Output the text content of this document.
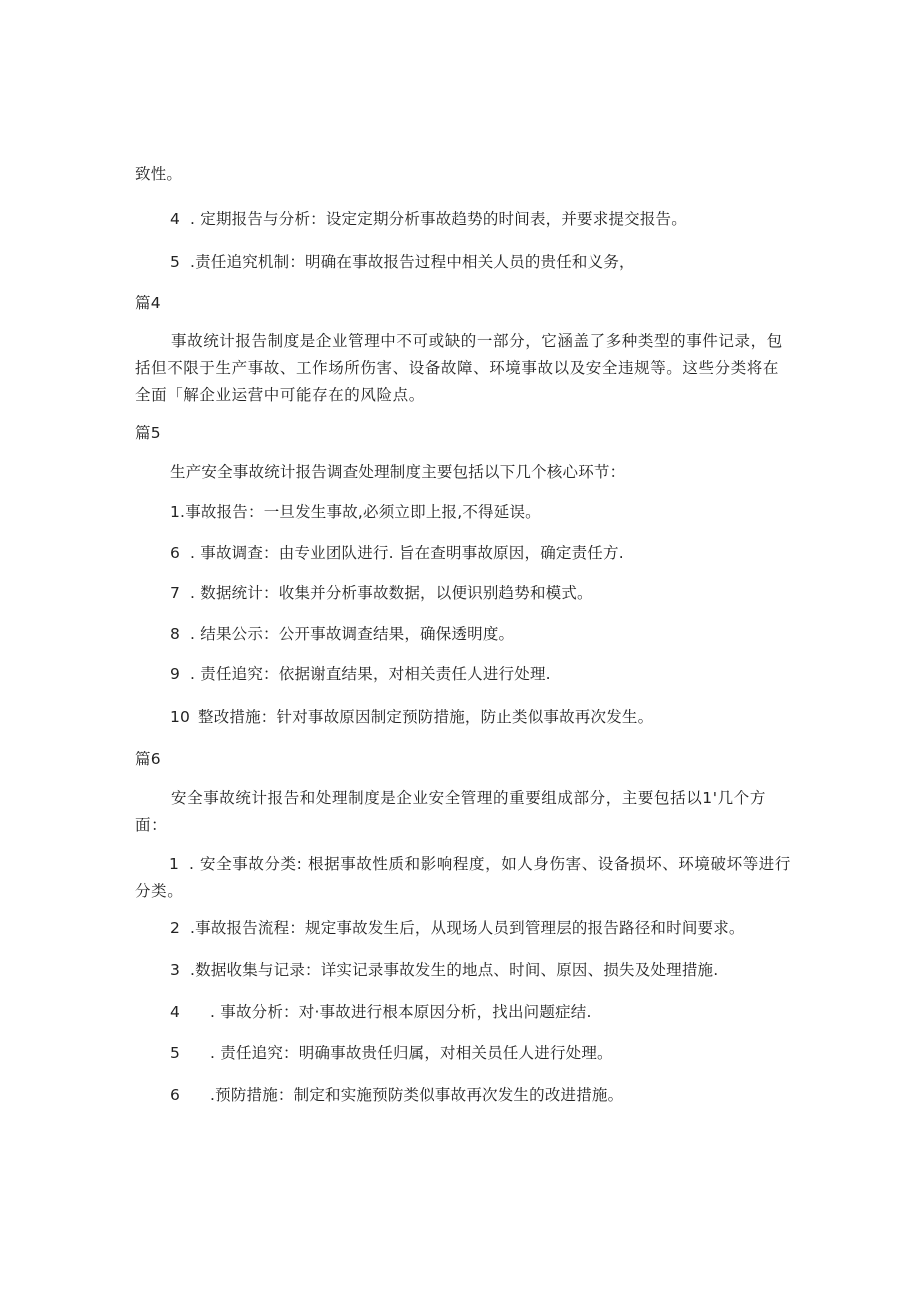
致性。
4 . 定期报告与分析：设定定期分析事故趋势的时间表，并要求提交报告。
5 .责任追究机制：明确在事故报告过程中相关人员的贵任和义务，
篇4
事故统计报告制度是企业管理中不可或缺的一部分，它涵盖了多种类型的事件记录，包括但不限于生产事故、工作场所伤害、设备故障、环境事故以及安全违规等。这些分类将在全面「解企业运营中可能存在的风险点。
篇5
生产安全事故统计报告调查处理制度主要包括以下几个核心环节：
1.事故报告：一旦发生事故,必须立即上报,不得延误。
6 . 事故调查：由专业团队进行. 旨在查明事故原因，确定责任方.
7 . 数据统计：收集并分析事故数据，以便识别趋势和模式。
8 . 结果公示：公开事故调查结果，确保透明度。
9 . 责任追究：依据谢直结果，对相关责任人进行处理.
10 整改措施：针对事故原因制定预防措施，防止类似事故再次发生。
篇6
安全事故统计报告和处理制度是企业安全管理的重要组成部分，主要包括以1'几个方面：
1 . 安全事故分类: 根据事故性质和影响程度，如人身伤害、设备损坏、环境破坏等进行分类。
2 .事故报告流程：规定事故发生后，从现场人员到管理层的报告路径和时间要求。
3 .数据收集与记录：详实记录事故发生的地点、时间、原因、损失及处理措施.
4 . 事故分析：对·事故进行根本原因分析，找出问题症结.
5 . 责任追究：明确事故贵任归属，对相关员任人进行处理。
6 .预防措施：制定和实施预防类似事故再次发生的改进措施。
